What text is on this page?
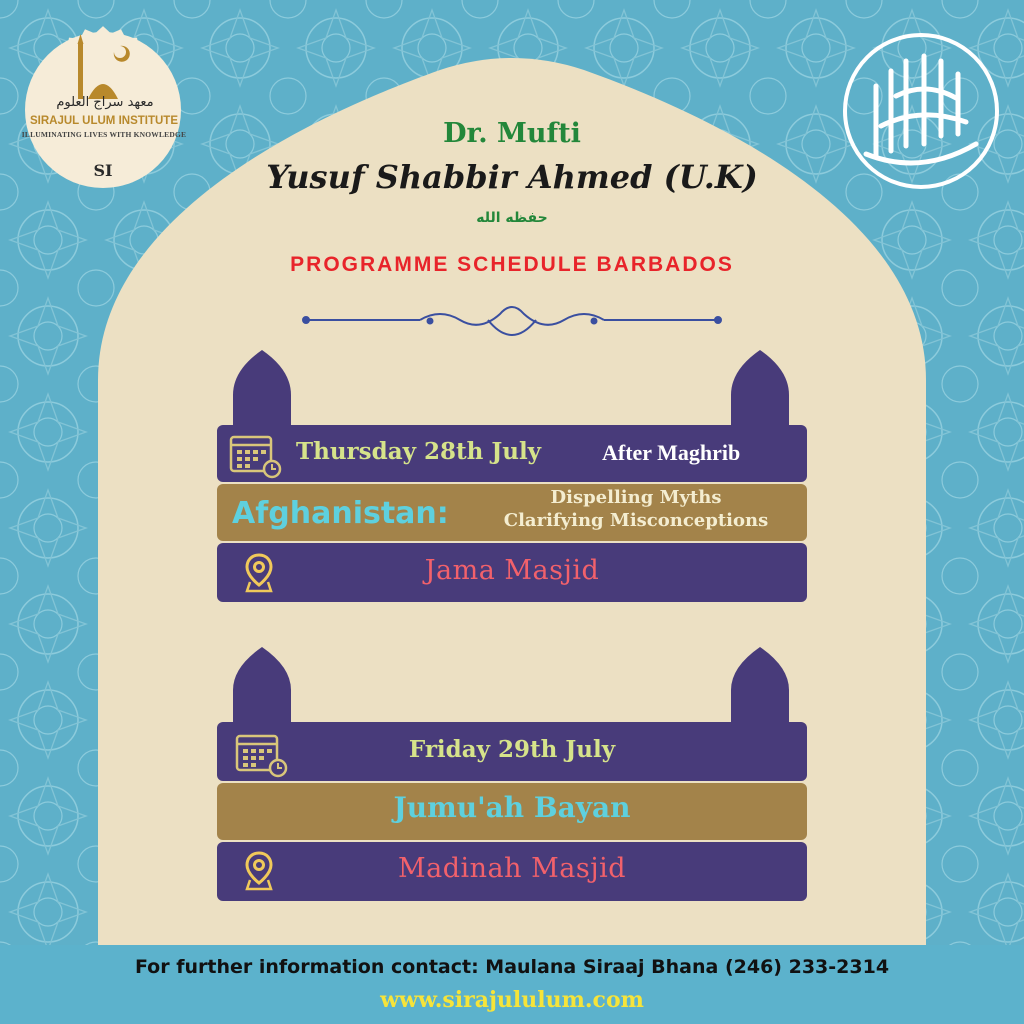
SI
معهد سراج العلوم
SIRAJUL ULUM INSTITUTE
ILLUMINATING LIVES WITH KNOWLEDGE	Dr. Mufti
Yusuf Shabbir Ahmed (U.K)
حفظه الله
PROGRAMME SCHEDULE BARBADOS
Thursday 28th July	After Maghrib
Afghanistan:	Dispelling Myths
Clarifying Misconceptions
Jama Masjid
Friday 29th July
Jumu'ah Bayan
Madinah Masjid
For further information contact: Maulana Siraaj Bhana (246) 233-2314
www.sirajululum.com
